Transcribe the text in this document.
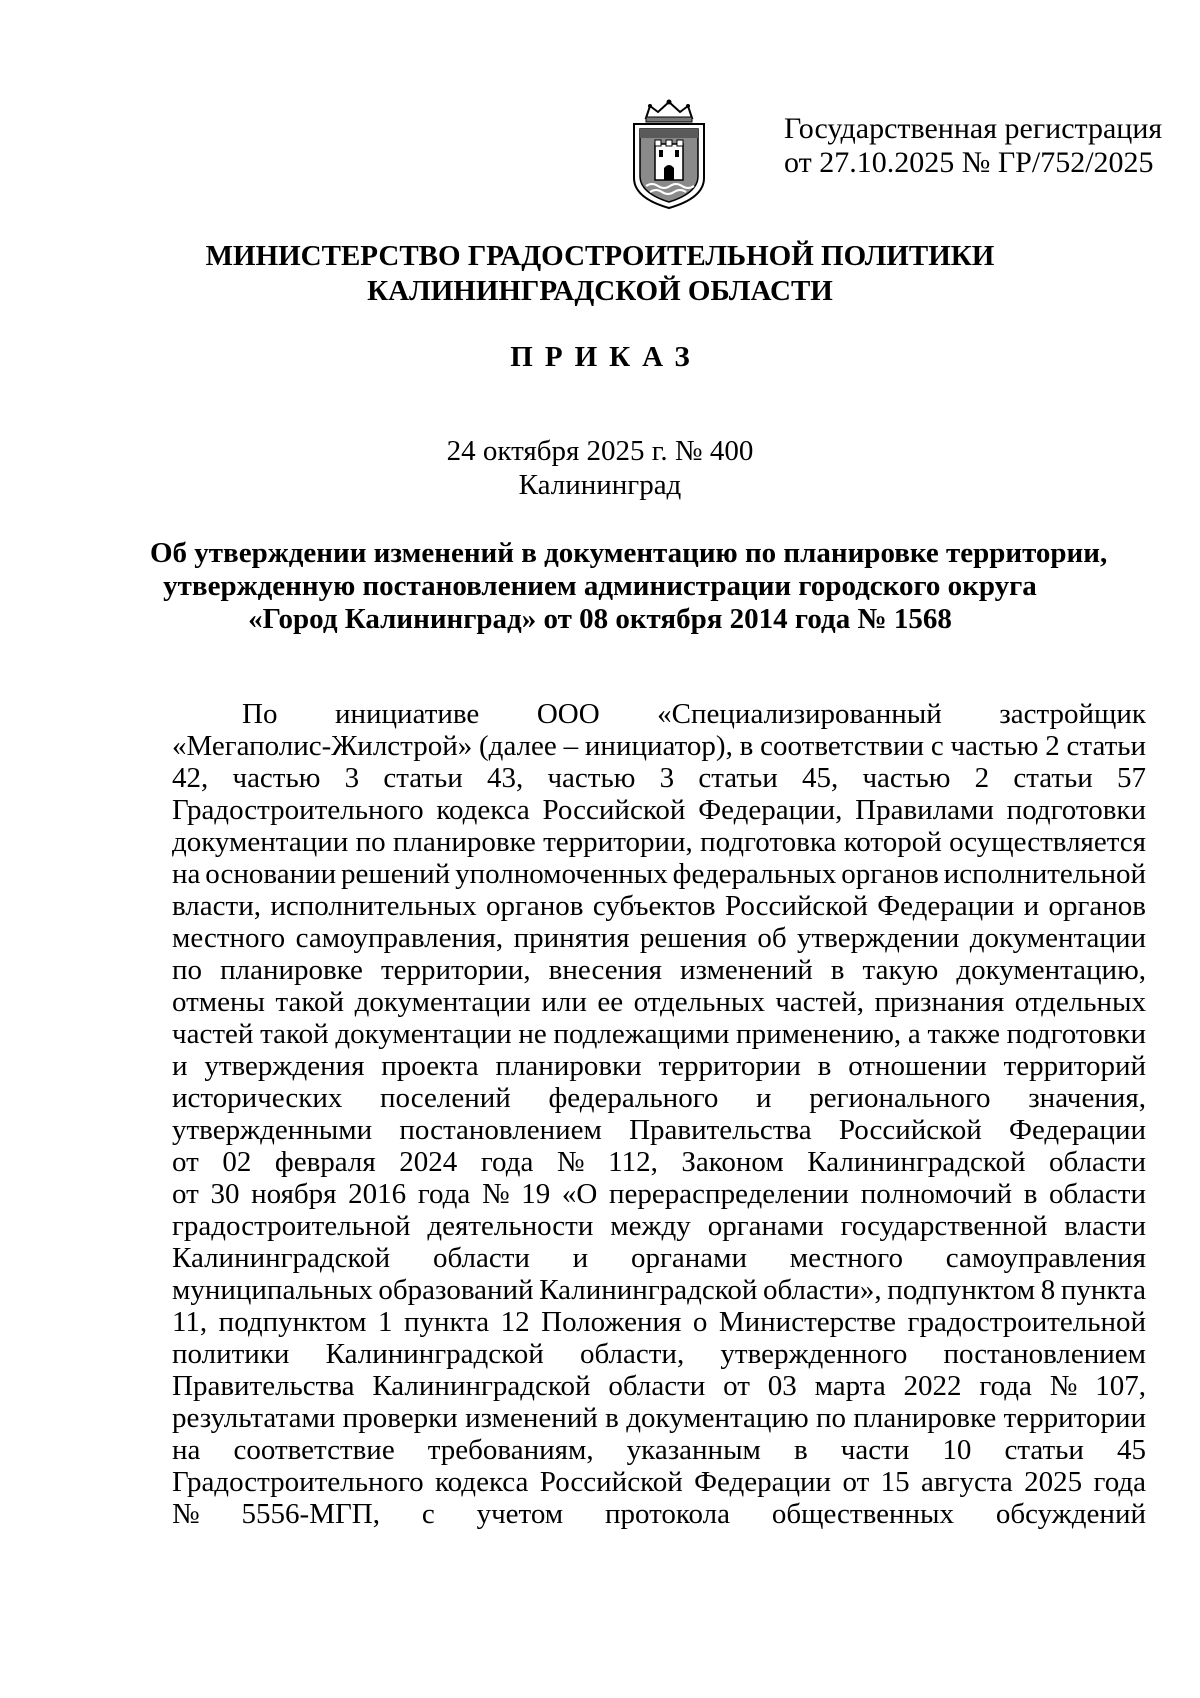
Государственная регистрация
от 27.10.2025 № ГР/752/2025
МИНИСТЕРСТВО ГРАДОСТРОИТЕЛЬНОЙ ПОЛИТИКИ
КАЛИНИНГРАДСКОЙ ОБЛАСТИ
ПРИКАЗ
24 октября 2025 г. № 400
Калининград
Об утверждении изменений в документацию по планировке территории,
утвержденную постановлением администрации городского округа
«Город Калининград» от 08 октября 2014 года № 1568
По инициативе ООО «Специализированный застройщик
«Мегаполис-Жилстрой» (далее – инициатор), в соответствии с частью 2 статьи
42, частью 3 статьи 43, частью 3 статьи 45, частью 2 статьи 57
Градостроительного кодекса Российской Федерации, Правилами подготовки
документации по планировке территории, подготовка которой осуществляется
на основании решений уполномоченных федеральных органов исполнительной
власти, исполнительных органов субъектов Российской Федерации и органов
местного самоуправления, принятия решения об утверждении документации
по планировке территории, внесения изменений в такую документацию,
отмены такой документации или ее отдельных частей, признания отдельных
частей такой документации не подлежащими применению, а также подготовки
и утверждения проекта планировки территории в отношении территорий
исторических поселений федерального и регионального значения,
утвержденными постановлением Правительства Российской Федерации
от 02 февраля 2024 года № 112, Законом Калининградской области
от 30 ноября 2016 года № 19 «О перераспределении полномочий в области
градостроительной деятельности между органами государственной власти
Калининградской области и органами местного самоуправления
муниципальных образований Калининградской области», подпунктом 8 пункта
11, подпунктом 1 пункта 12 Положения о Министерстве градостроительной
политики Калининградской области, утвержденного постановлением
Правительства Калининградской области от 03 марта 2022 года № 107,
результатами проверки изменений в документацию по планировке территории
на соответствие требованиям, указанным в части 10 статьи 45
Градостроительного кодекса Российской Федерации от 15 августа 2025 года
№ 5556-МГП, с учетом протокола общественных обсуждений
